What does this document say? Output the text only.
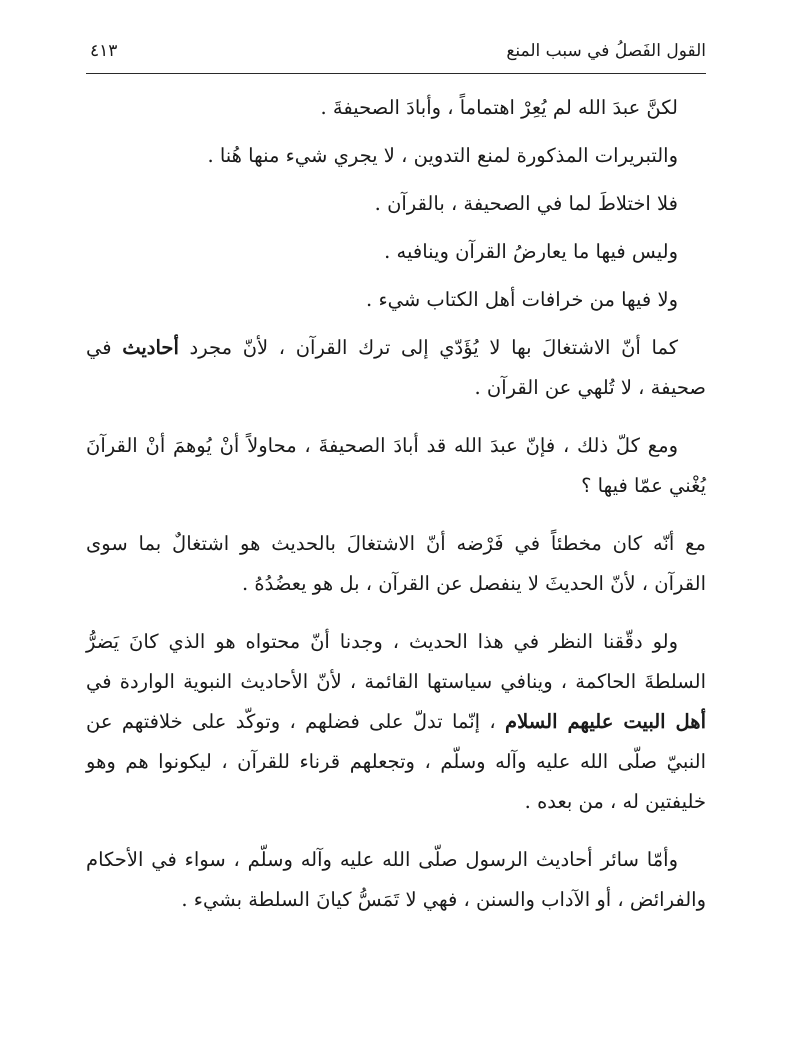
القول الفَصلُ في سبب المنع
٤١٣

لكنَّ عبدَ الله لم يُعِرْ اهتماماً ، وأبادَ الصحيفةَ .

والتبريرات المذكورة لمنع التدوين ، لا يجري شيء منها هُنا .

فلا اختلاطَ لما في الصحيفة ، بالقرآن .

وليس فيها ما يعارضُ القرآن وينافيه .

ولا فيها من خرافات أهل الكتاب شيء .

كما أنّ الاشتغالَ بها لا يُؤَدّي إلى ترك القرآن ، لأنّ مجرد أحاديث في صحيفة ، لا تُلهي عن القرآن .

ومع كلّ ذلك ، فإنّ عبدَ الله قد أبادَ الصحيفةَ ، محاولاً أنْ يُوهمَ أنْ القرآنَ يُغْني عمّا فيها ؟

مع أنّه كان مخطئاً في فَرْضه أنّ الاشتغالَ بالحديث هو اشتغالٌ بما سوى القرآن ، لأنّ الحديثَ لا ينفصل عن القرآن ، بل هو يعضُدُهُ .

ولو دقّقنا النظر في هذا الحديث ، وجدنا أنّ محتواه هو الذي كانَ يَضرُّ السلطةَ الحاكمة ، وينافي سياستها القائمة ، لأنّ الأحاديث النبوية الواردة في أهل البيت عليهم السلام ، إنّما تدلّ على فضلهم ، وتوكّد على خلافتهم عن النبيّ صلّى الله عليه وآله وسلّم ، وتجعلهم قرناء للقرآن ، ليكونوا هم وهو خليفتين له ، من بعده .

وأمّا سائر أحاديث الرسول صلّى الله عليه وآله وسلّم ، سواء في الأحكام والفرائض ، أو الآداب والسنن ، فهي لا تَمَسُّ كيانَ السلطة بشيء .
